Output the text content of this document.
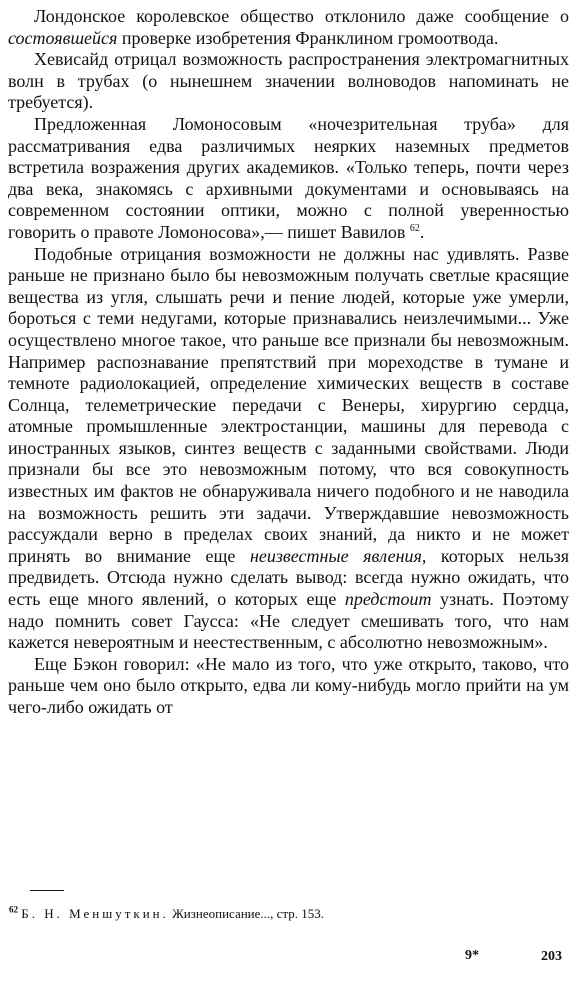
Лондонское королевское общество отклонило даже сообщение о состоявшейся проверке изобретения Франклином громоотвода.

Хевисайд отрицал возможность распространения электромагнитных волн в трубах (о нынешнем значении волноводов напоминать не требуется).

Предложенная Ломоносовым «ночезрительная труба» для рассматривания едва различимых неярких наземных предметов встретила возражения других академиков. «Только теперь, почти через два века, знакомясь с архивными документами и основываясь на современном состоянии оптики, можно с полной уверенностью говорить о правоте Ломоносова»,— пишет Вавилов $^{62}$.

Подобные отрицания возможности не должны нас удивлять. Разве раньше не признано было бы невозможным получать светлые красящие вещества из угля, слышать речи и пение людей, которые уже умерли, бороться с теми недугами, которые признавались неизлечимыми... Уже осуществлено многое такое, что раньше все признали бы невозможным. Например распознавание препятствий при мореходстве в тумане и темноте радиолокацией, определение химических веществ в составе Солнца, телеметрические передачи с Венеры, хирургию сердца, атомные промышленные электростанции, машины для перевода с иностранных языков, синтез веществ с заданными свойствами. Люди признали бы все это невозможным потому, что вся совокупность известных им фактов не обнаруживала ничего подобного и не наводила на возможность решить эти задачи. Утверждавшие невозможность рассуждали верно в пределах своих знаний, да никто и не может принять во внимание еще неизвестные явления, которых нельзя предвидеть. Отсюда нужно сделать вывод: всегда нужно ожидать, что есть еще много явлений, о которых еще предстоит узнать. Поэтому надо помнить совет Гаусса: «Не следует смешивать того, что нам кажется невероятным и неестественным, с абсолютно невозможным».

Еще Бэкон говорил: «Не мало из того, что уже открыто, таково, что раньше чем оно было открыто, едва ли кому-нибудь могло прийти на ум чего-либо ожидать от

$^{62}$ Б. Н. Меншуткин. Жизнеописание..., стр. 153.
9*	203
